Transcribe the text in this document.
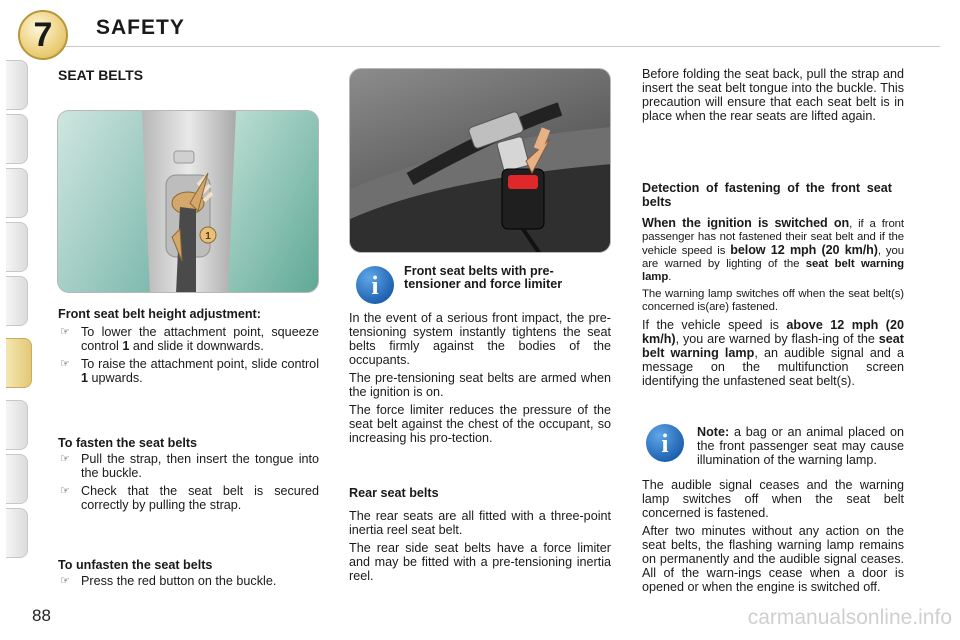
7 SAFETY

SEAT BELTS

1

Front seat belt height adjustment:

☞ To lower the attachment point, squeeze control 1 and slide it downwards.

☞ To raise the attachment point, slide control 1 upwards.

To fasten the seat belts

☞ Pull the strap, then insert the tongue into the buckle.

☞ Check that the seat belt is secured correctly by pulling the strap.

To unfasten the seat belts

☞ Press the red button on the buckle.

i Front seat belts with pre-tensioner and force limiter

In the event of a serious front impact, the pre-tensioning system instantly tightens the seat belts firmly against the bodies of the occupants.

The pre-tensioning seat belts are armed when the ignition is on.

The force limiter reduces the pressure of the seat belt against the chest of the occupant, so increasing his pro-tection.

Rear seat belts

The rear seats are all fitted with a three-point inertia reel seat belt.

The rear side seat belts have a force limiter and may be fitted with a pre-tensioning inertia reel.

Before folding the seat back, pull the strap and insert the seat belt tongue into the buckle. This precaution will ensure that each seat belt is in place when the rear seats are lifted again.

Detection of fastening of the front seat belts

When the ignition is switched on, if a front passenger has not fastened their seat belt and if the vehicle speed is below 12 mph (20 km/h), you are warned by lighting of the seat belt warning lamp.

The warning lamp switches off when the seat belt(s) concerned is(are) fastened.

If the vehicle speed is above 12 mph (20 km/h), you are warned by flash-ing of the seat belt warning lamp, an audible signal and a message on the multifunction screen identifying the unfastened seat belt(s).

i Note: a bag or an animal placed on the front passenger seat may cause illumination of the warning lamp.

The audible signal ceases and the warning lamp switches off when the seat belt concerned is fastened.

After two minutes without any action on the seat belts, the flashing warning lamp remains on permanently and the audible signal ceases. All of the warn-ings cease when a door is opened or when the engine is switched off.

88	carmanualsonline.info
